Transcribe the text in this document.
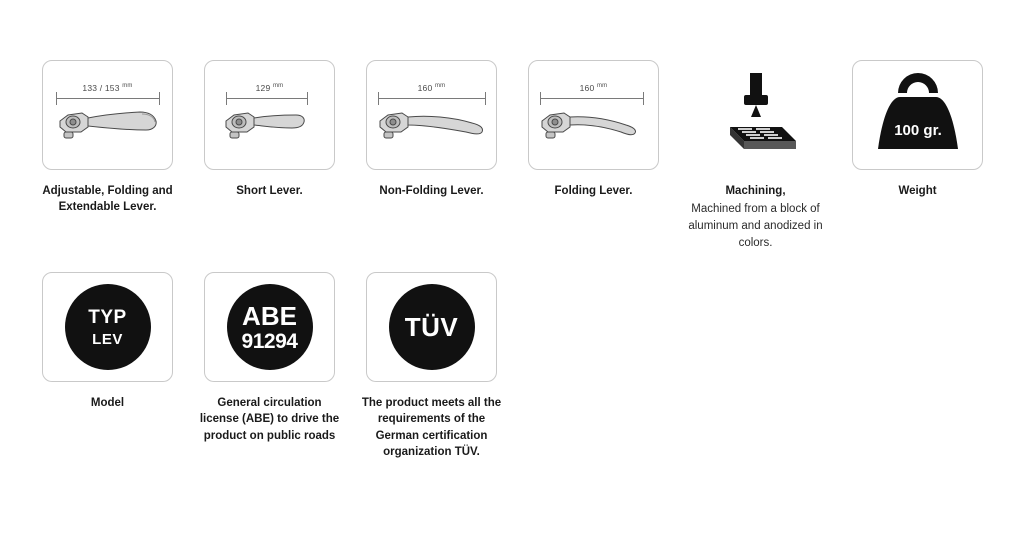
133 / 153 $^{mm}$
Adjustable, Folding and Extendable Lever.
129 $^{mm}$
Short Lever.
160 $^{mm}$
Non-Folding Lever.
160 $^{mm}$
Folding Lever.	Machining,
Machined from a block of aluminum and anodized in colors.
100 gr.
Weight
TYP
LEV
Model
ABE
91294
General circulation license (ABE) to drive the product on public roads
TÜV
The product meets all the requirements of the German certification organization TÜV.
